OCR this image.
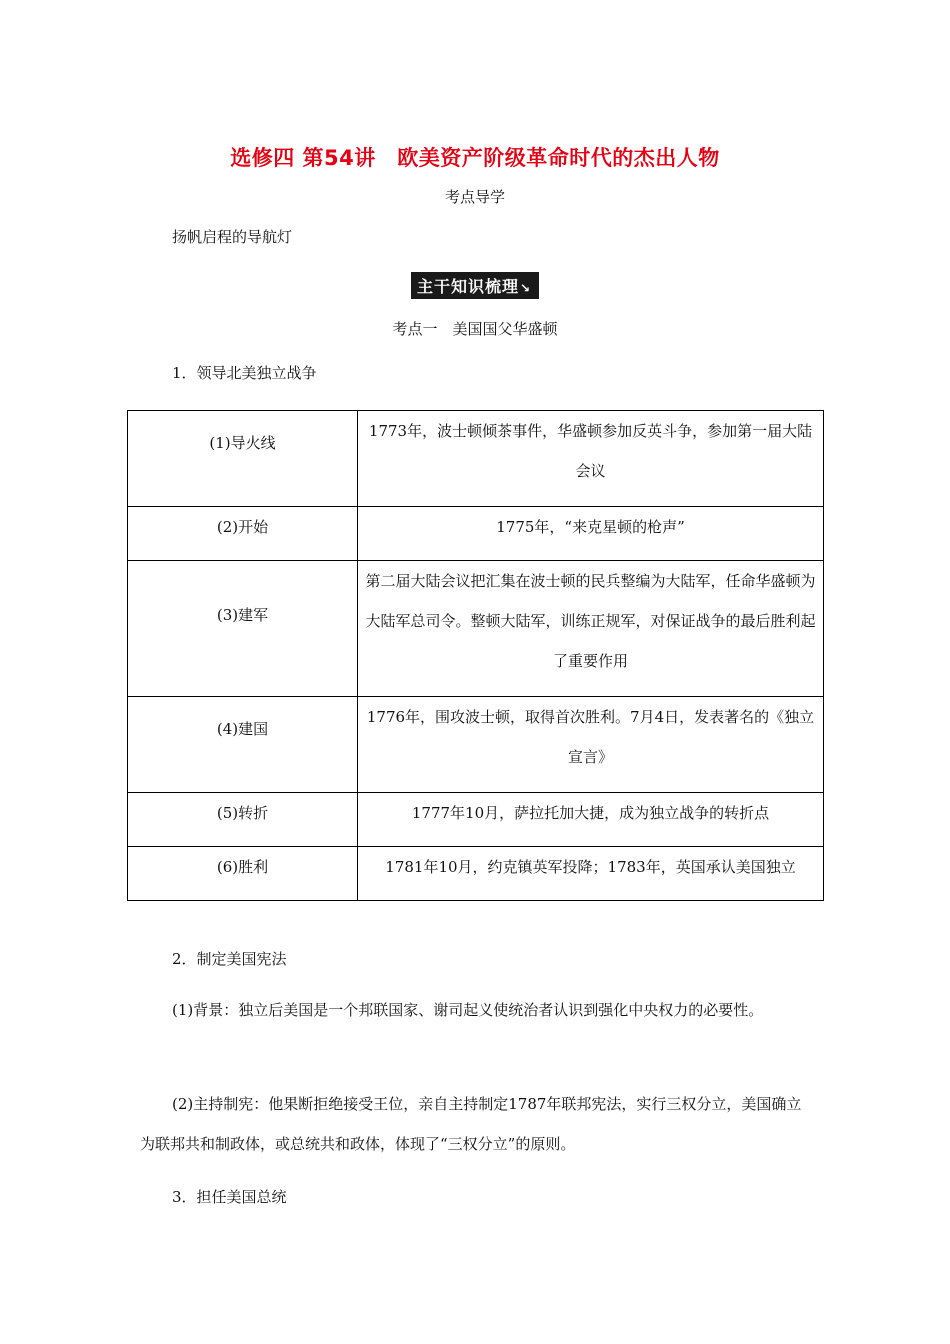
选修四 第54讲　欧美资产阶级革命时代的杰出人物
考点导学
扬帆启程的导航灯
主干知识梳理↘
考点一　美国国父华盛顿
1．领导北美独立战争
(1)导火线	1773年，波士顿倾茶事件，华盛顿参加反英斗争，参加第一届大陆会议
(2)开始	1775年，“来克星顿的枪声”
(3)建军	第二届大陆会议把汇集在波士顿的民兵整编为大陆军，任命华盛顿为大陆军总司令。整顿大陆军，训练正规军，对保证战争的最后胜利起了重要作用
(4)建国	1776年，围攻波士顿，取得首次胜利。7月4日，发表著名的《独立宣言》
(5)转折	1777年10月，萨拉托加大捷，成为独立战争的转折点
(6)胜利	1781年10月，约克镇英军投降；1783年，英国承认美国独立
2．制定美国宪法
(1)背景：独立后美国是一个邦联国家、谢司起义使统治者认识到强化中央权力的必要性。
(2)主持制宪：他果断拒绝接受王位，亲自主持制定1787年联邦宪法，实行三权分立，美国确立为联邦共和制政体，或总统共和政体，体现了“三权分立”的原则。
3．担任美国总统
